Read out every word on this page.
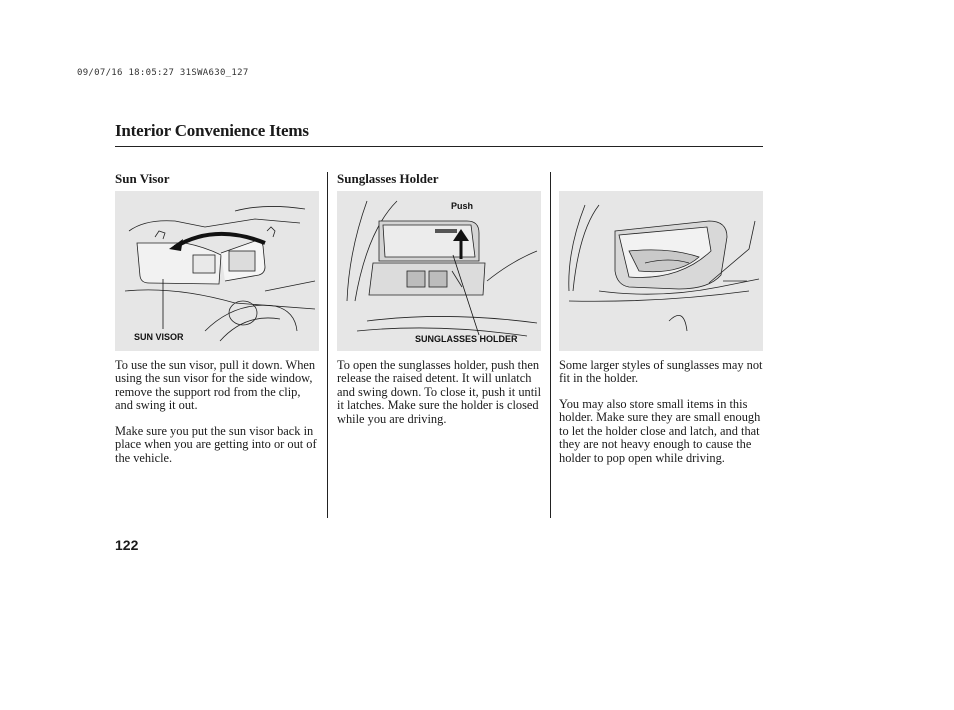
09/07/16 18:05:27 31SWA630_127
Interior Convenience Items
Sun Visor
SUN VISOR

To use the sun visor, pull it down. When using the sun visor for the side window, remove the support rod from the clip, and swing it out.

Make sure you put the sun visor back in place when you are getting into or out of the vehicle.

Sunglasses Holder
Push
SUNGLASSES HOLDER

To open the sunglasses holder, push then release the raised detent. It will unlatch and swing down. To close it, push it until it latches. Make sure the holder is closed while you are driving.

Some larger styles of sunglasses may not fit in the holder.

You may also store small items in this holder. Make sure they are small enough to let the holder close and latch, and that they are not heavy enough to cause the holder to pop open while driving.

122
